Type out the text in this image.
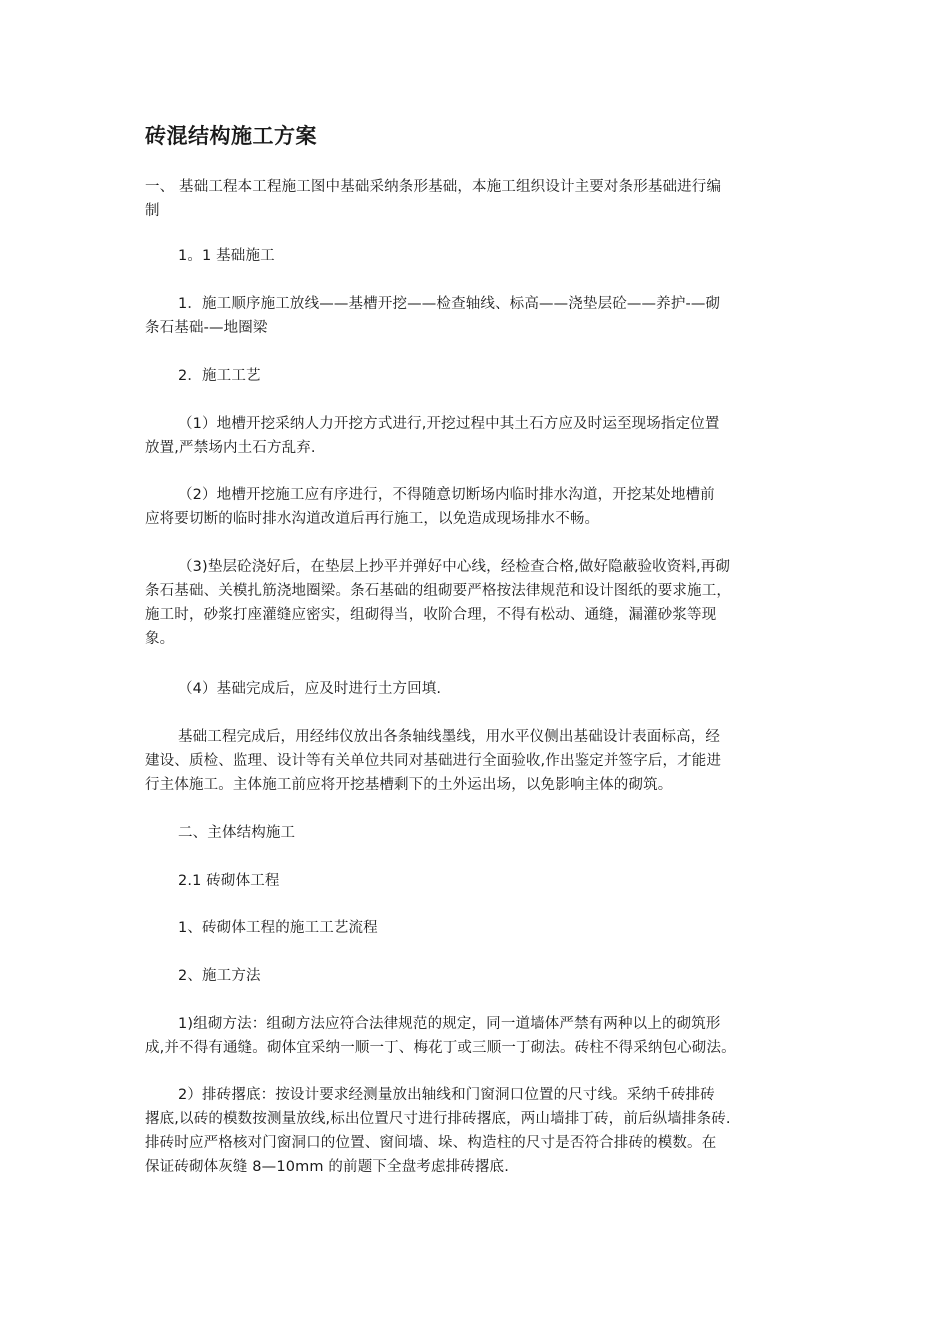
砖混结构施工方案
一、 基础工程本工程施工图中基础采纳条形基础，本施工组织设计主要对条形基础进行编
制
1。1 基础施工
1．施工顺序施工放线——基槽开挖——检查轴线、标高——浇垫层砼——养护-—砌
条石基础-—地圈梁
2．施工工艺
（1）地槽开挖采纳人力开挖方式进行,开挖过程中其土石方应及时运至现场指定位置
放置,严禁场内土石方乱弃.
（2）地槽开挖施工应有序进行，不得随意切断场内临时排水沟道，开挖某处地槽前
应将要切断的临时排水沟道改道后再行施工，以免造成现场排水不畅。
（3)垫层砼浇好后，在垫层上抄平并弹好中心线，经检查合格,做好隐蔽验收资料,再砌
条石基础、关模扎筋浇地圈梁。条石基础的组砌要严格按法律规范和设计图纸的要求施工，
施工时，砂浆打座灌缝应密实，组砌得当，收阶合理，不得有松动、通缝，漏灌砂浆等现
象。
（4）基础完成后，应及时进行土方回填.
基础工程完成后，用经纬仪放出各条轴线墨线，用水平仪侧出基础设计表面标高，经
建设、质检、监理、设计等有关单位共同对基础进行全面验收,作出鉴定并签字后，才能进
行主体施工。主体施工前应将开挖基槽剩下的土外运出场，以免影响主体的砌筑。
二、主体结构施工
2.1 砖砌体工程
1、砖砌体工程的施工工艺流程
2、施工方法
1)组砌方法：组砌方法应符合法律规范的规定，同一道墙体严禁有两种以上的砌筑形
成,并不得有通缝。砌体宜采纳一顺一丁、梅花丁或三顺一丁砌法。砖柱不得采纳包心砌法。
2）排砖撂底：按设计要求经测量放出轴线和门窗洞口位置的尺寸线。采纳千砖排砖
撂底,以砖的模数按测量放线,标出位置尺寸进行排砖撂底，两山墙排丁砖，前后纵墙排条砖.
排砖时应严格核对门窗洞口的位置、窗间墙、垛、构造柱的尺寸是否符合排砖的模数。在
保证砖砌体灰缝 8—10mm 的前题下全盘考虑排砖撂底.
